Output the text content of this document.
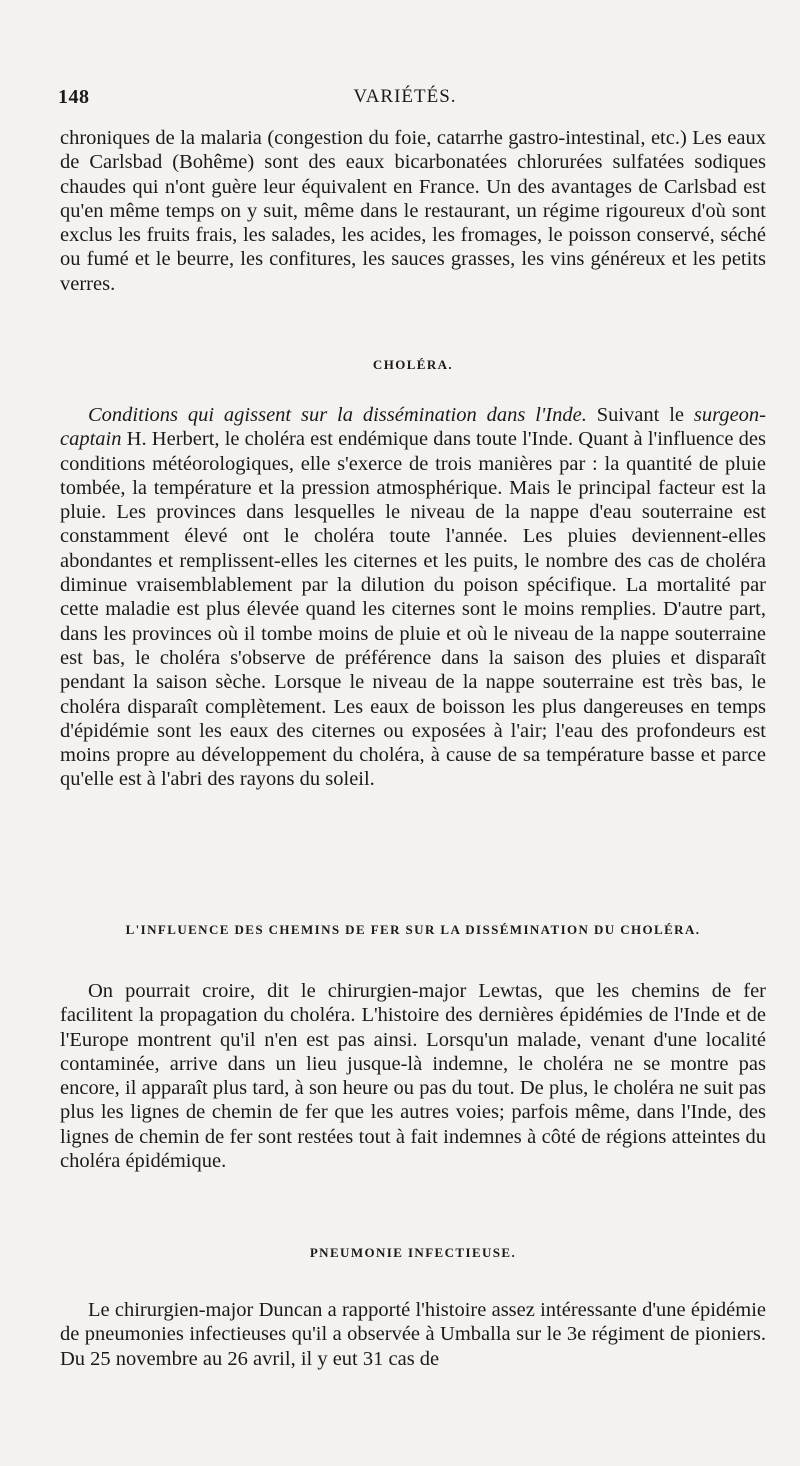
148	VARIÉTÉS.

chroniques de la malaria (congestion du foie, catarrhe gastro-intestinal, etc.) Les eaux de Carlsbad (Bohême) sont des eaux bicarbonatées chlorurées sulfatées sodiques chaudes qui n'ont guère leur équivalent en France. Un des avantages de Carlsbad est qu'en même temps on y suit, même dans le restaurant, un régime rigoureux d'où sont exclus les fruits frais, les salades, les acides, les fromages, le poisson conservé, séché ou fumé et le beurre, les confitures, les sauces grasses, les vins généreux et les petits verres.

CHOLÉRA.

Conditions qui agissent sur la dissémination dans l'Inde. Suivant le surgeon-captain H. Herbert, le choléra est endémique dans toute l'Inde. Quant à l'influence des conditions météorologiques, elle s'exerce de trois manières par : la quantité de pluie tombée, la température et la pression atmosphérique. Mais le principal facteur est la pluie. Les provinces dans lesquelles le niveau de la nappe d'eau souterraine est constamment élevé ont le choléra toute l'année. Les pluies deviennent-elles abondantes et remplissent-elles les citernes et les puits, le nombre des cas de choléra diminue vraisemblablement par la dilution du poison spécifique. La mortalité par cette maladie est plus élevée quand les citernes sont le moins remplies. D'autre part, dans les provinces où il tombe moins de pluie et où le niveau de la nappe souterraine est bas, le choléra s'observe de préférence dans la saison des pluies et disparaît pendant la saison sèche. Lorsque le niveau de la nappe souterraine est très bas, le choléra disparaît complètement. Les eaux de boisson les plus dangereuses en temps d'épidémie sont les eaux des citernes ou exposées à l'air; l'eau des profondeurs est moins propre au développement du choléra, à cause de sa température basse et parce qu'elle est à l'abri des rayons du soleil.

L'INFLUENCE DES CHEMINS DE FER SUR LA DISSÉMINATION DU CHOLÉRA.

On pourrait croire, dit le chirurgien-major Lewtas, que les chemins de fer facilitent la propagation du choléra. L'histoire des dernières épidémies de l'Inde et de l'Europe montrent qu'il n'en est pas ainsi. Lorsqu'un malade, venant d'une localité contaminée, arrive dans un lieu jusque-là indemne, le choléra ne se montre pas encore, il apparaît plus tard, à son heure ou pas du tout. De plus, le choléra ne suit pas plus les lignes de chemin de fer que les autres voies; parfois même, dans l'Inde, des lignes de chemin de fer sont restées tout à fait indemnes à côté de régions atteintes du choléra épidémique.

PNEUMONIE INFECTIEUSE.

Le chirurgien-major Duncan a rapporté l'histoire assez intéressante d'une épidémie de pneumonies infectieuses qu'il a observée à Umballa sur le 3e régiment de pioniers. Du 25 novembre au 26 avril, il y eut 31 cas de
